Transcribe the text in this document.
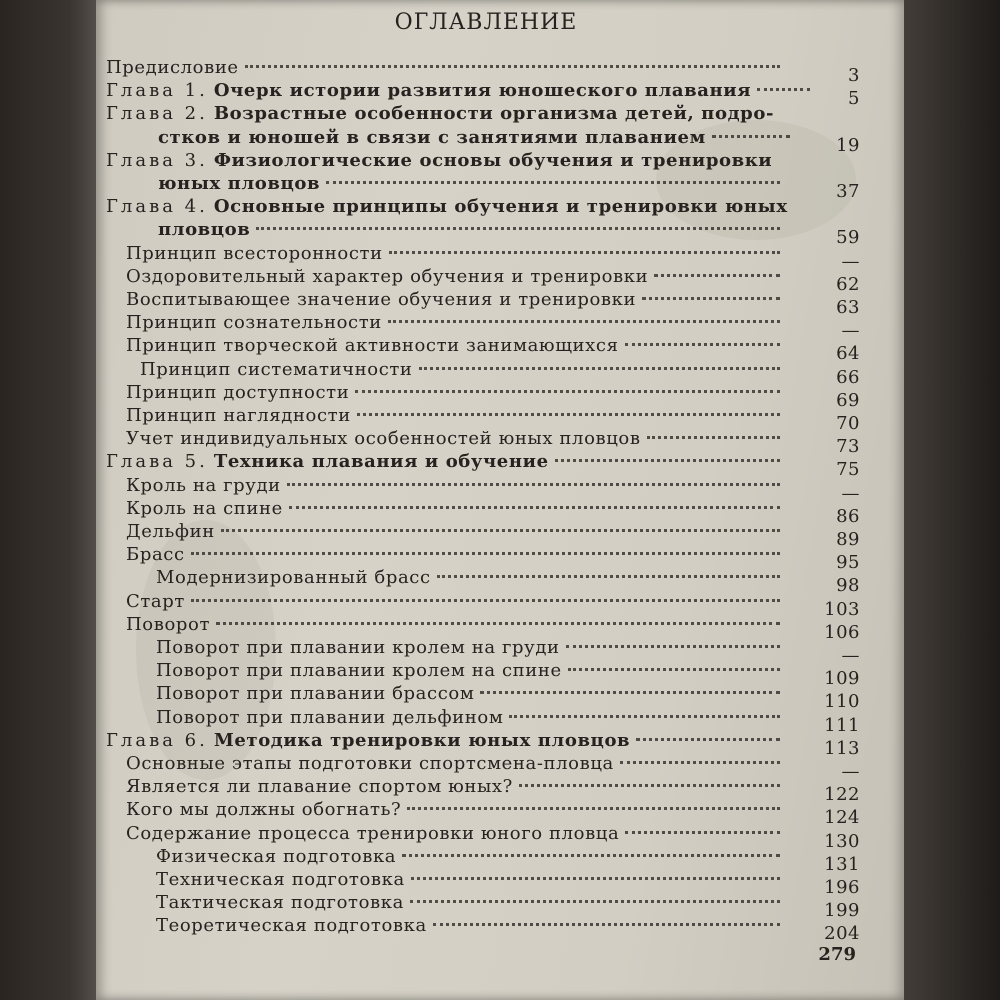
ОГЛАВЛЕНИЕ
279
Предисловие	3
Глава 1. Очерк истории развития юношеского плавания	5
Глава 2. Возрастные особенности организма детей, подро-
стков и юношей в связи с занятиями плаванием	19
Глава 3. Физиологические основы обучения и тренировки
юных пловцов	37
Глава 4. Основные принципы обучения и тренировки юных
пловцов	59
Принцип всесторонности	—
Оздоровительный характер обучения и тренировки	62
Воспитывающее значение обучения и тренировки	63
Принцип сознательности	—
Принцип творческой активности занимающихся	64
Принцип систематичности	66
Принцип доступности	69
Принцип наглядности	70
Учет индивидуальных особенностей юных пловцов	73
Глава 5. Техника плавания и обучение	75
Кроль на груди	—
Кроль на спине	86
Дельфин	89
Брасс	95
Модернизированный брасс	98
Старт	103
Поворот	106
Поворот при плавании кролем на груди	—
Поворот при плавании кролем на спине	109
Поворот при плавании брассом	110
Поворот при плавании дельфином	111
Глава 6. Методика тренировки юных пловцов	113
Основные этапы подготовки спортсмена-пловца	—
Является ли плавание спортом юных?	122
Кого мы должны обогнать?	124
Содержание процесса тренировки юного пловца	130
Физическая подготовка	131
Техническая подготовка	196
Тактическая подготовка	199
Теоретическая подготовка	204
